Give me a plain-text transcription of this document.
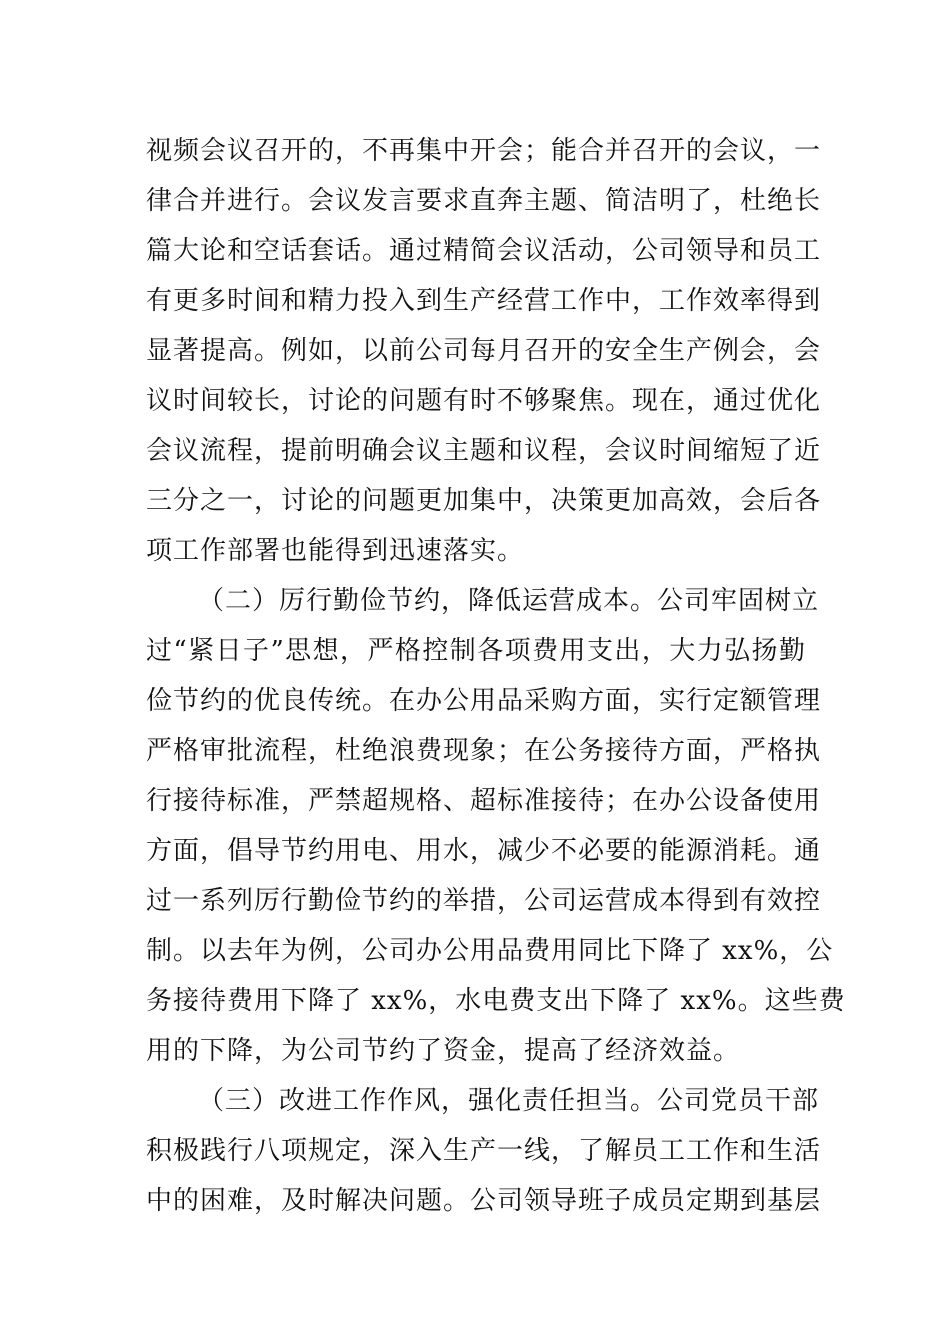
视频会议召开的，不再集中开会；能合并召开的会议，一
律合并进行。会议发言要求直奔主题、简洁明了，杜绝长
篇大论和空话套话。通过精简会议活动，公司领导和员工
有更多时间和精力投入到生产经营工作中，工作效率得到
显著提高。例如，以前公司每月召开的安全生产例会，会
议时间较长，讨论的问题有时不够聚焦。现在，通过优化
会议流程，提前明确会议主题和议程，会议时间缩短了近
三分之一，讨论的问题更加集中，决策更加高效，会后各
项工作部署也能得到迅速落实。
（二）厉行勤俭节约，降低运营成本。公司牢固树立
过“紧日子”思想，严格控制各项费用支出，大力弘扬勤
俭节约的优良传统。在办公用品采购方面，实行定额管理
严格审批流程，杜绝浪费现象；在公务接待方面，严格执
行接待标准，严禁超规格、超标准接待；在办公设备使用
方面，倡导节约用电、用水，减少不必要的能源消耗。通
过一系列厉行勤俭节约的举措，公司运营成本得到有效控
制。以去年为例，公司办公用品费用同比下降了 xx%，公
务接待费用下降了 xx%，水电费支出下降了 xx%。这些费
用的下降，为公司节约了资金，提高了经济效益。
（三）改进工作作风，强化责任担当。公司党员干部
积极践行八项规定，深入生产一线，了解员工工作和生活
中的困难，及时解决问题。公司领导班子成员定期到基层
